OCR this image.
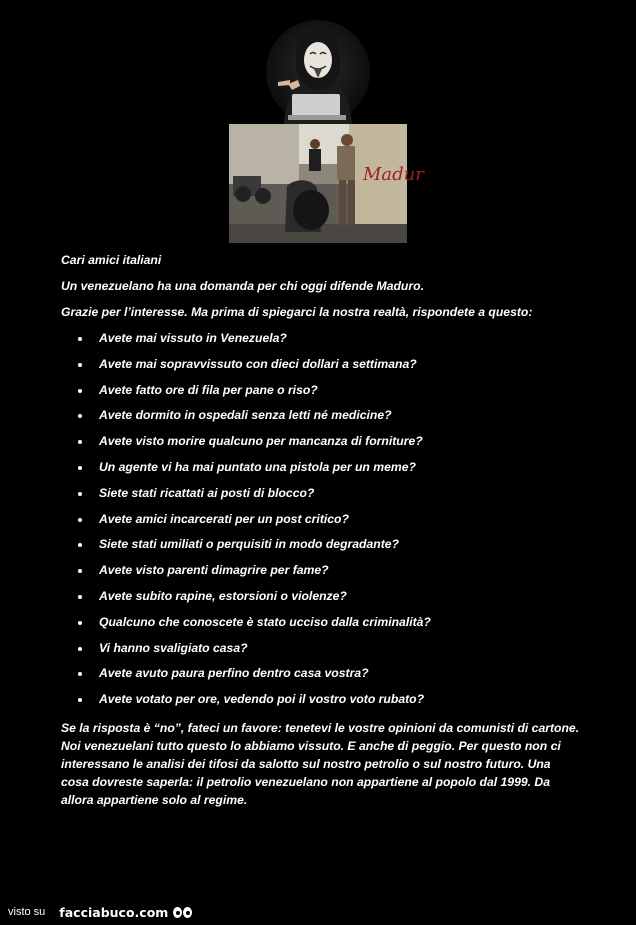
Madur

Cari amici italiani

Un venezuelano ha una domanda per chi oggi difende Maduro.

Grazie per l’interesse. Ma prima di spiegarci la nostra realtà, rispondete a questo:

Avete mai vissuto in Venezuela?
Avete mai sopravvissuto con dieci dollari a settimana?
Avete fatto ore di fila per pane o riso?
Avete dormito in ospedali senza letti né medicine?
Avete visto morire qualcuno per mancanza di forniture?
Un agente vi ha mai puntato una pistola per un meme?
Siete stati ricattati ai posti di blocco?
Avete amici incarcerati per un post critico?
Siete stati umiliati o perquisiti in modo degradante?
Avete visto parenti dimagrire per fame?
Avete subito rapine, estorsioni o violenze?
Qualcuno che conoscete è stato ucciso dalla criminalità?
Vi hanno svaligiato casa?
Avete avuto paura perfino dentro casa vostra?
Avete votato per ore, vedendo poi il vostro voto rubato?

Se la risposta è “no”, fateci un favore: tenetevi le vostre opinioni da comunisti di cartone. Noi venezuelani tutto questo lo abbiamo vissuto. E anche di peggio. Per questo non ci interessano le analisi dei tifosi da salotto sul nostro petrolio o sul nostro futuro. Una cosa dovreste saperla: il petrolio venezuelano non appartiene al popolo dal 1999. Da allora appartiene solo al regime.

visto su facciabuco.com
